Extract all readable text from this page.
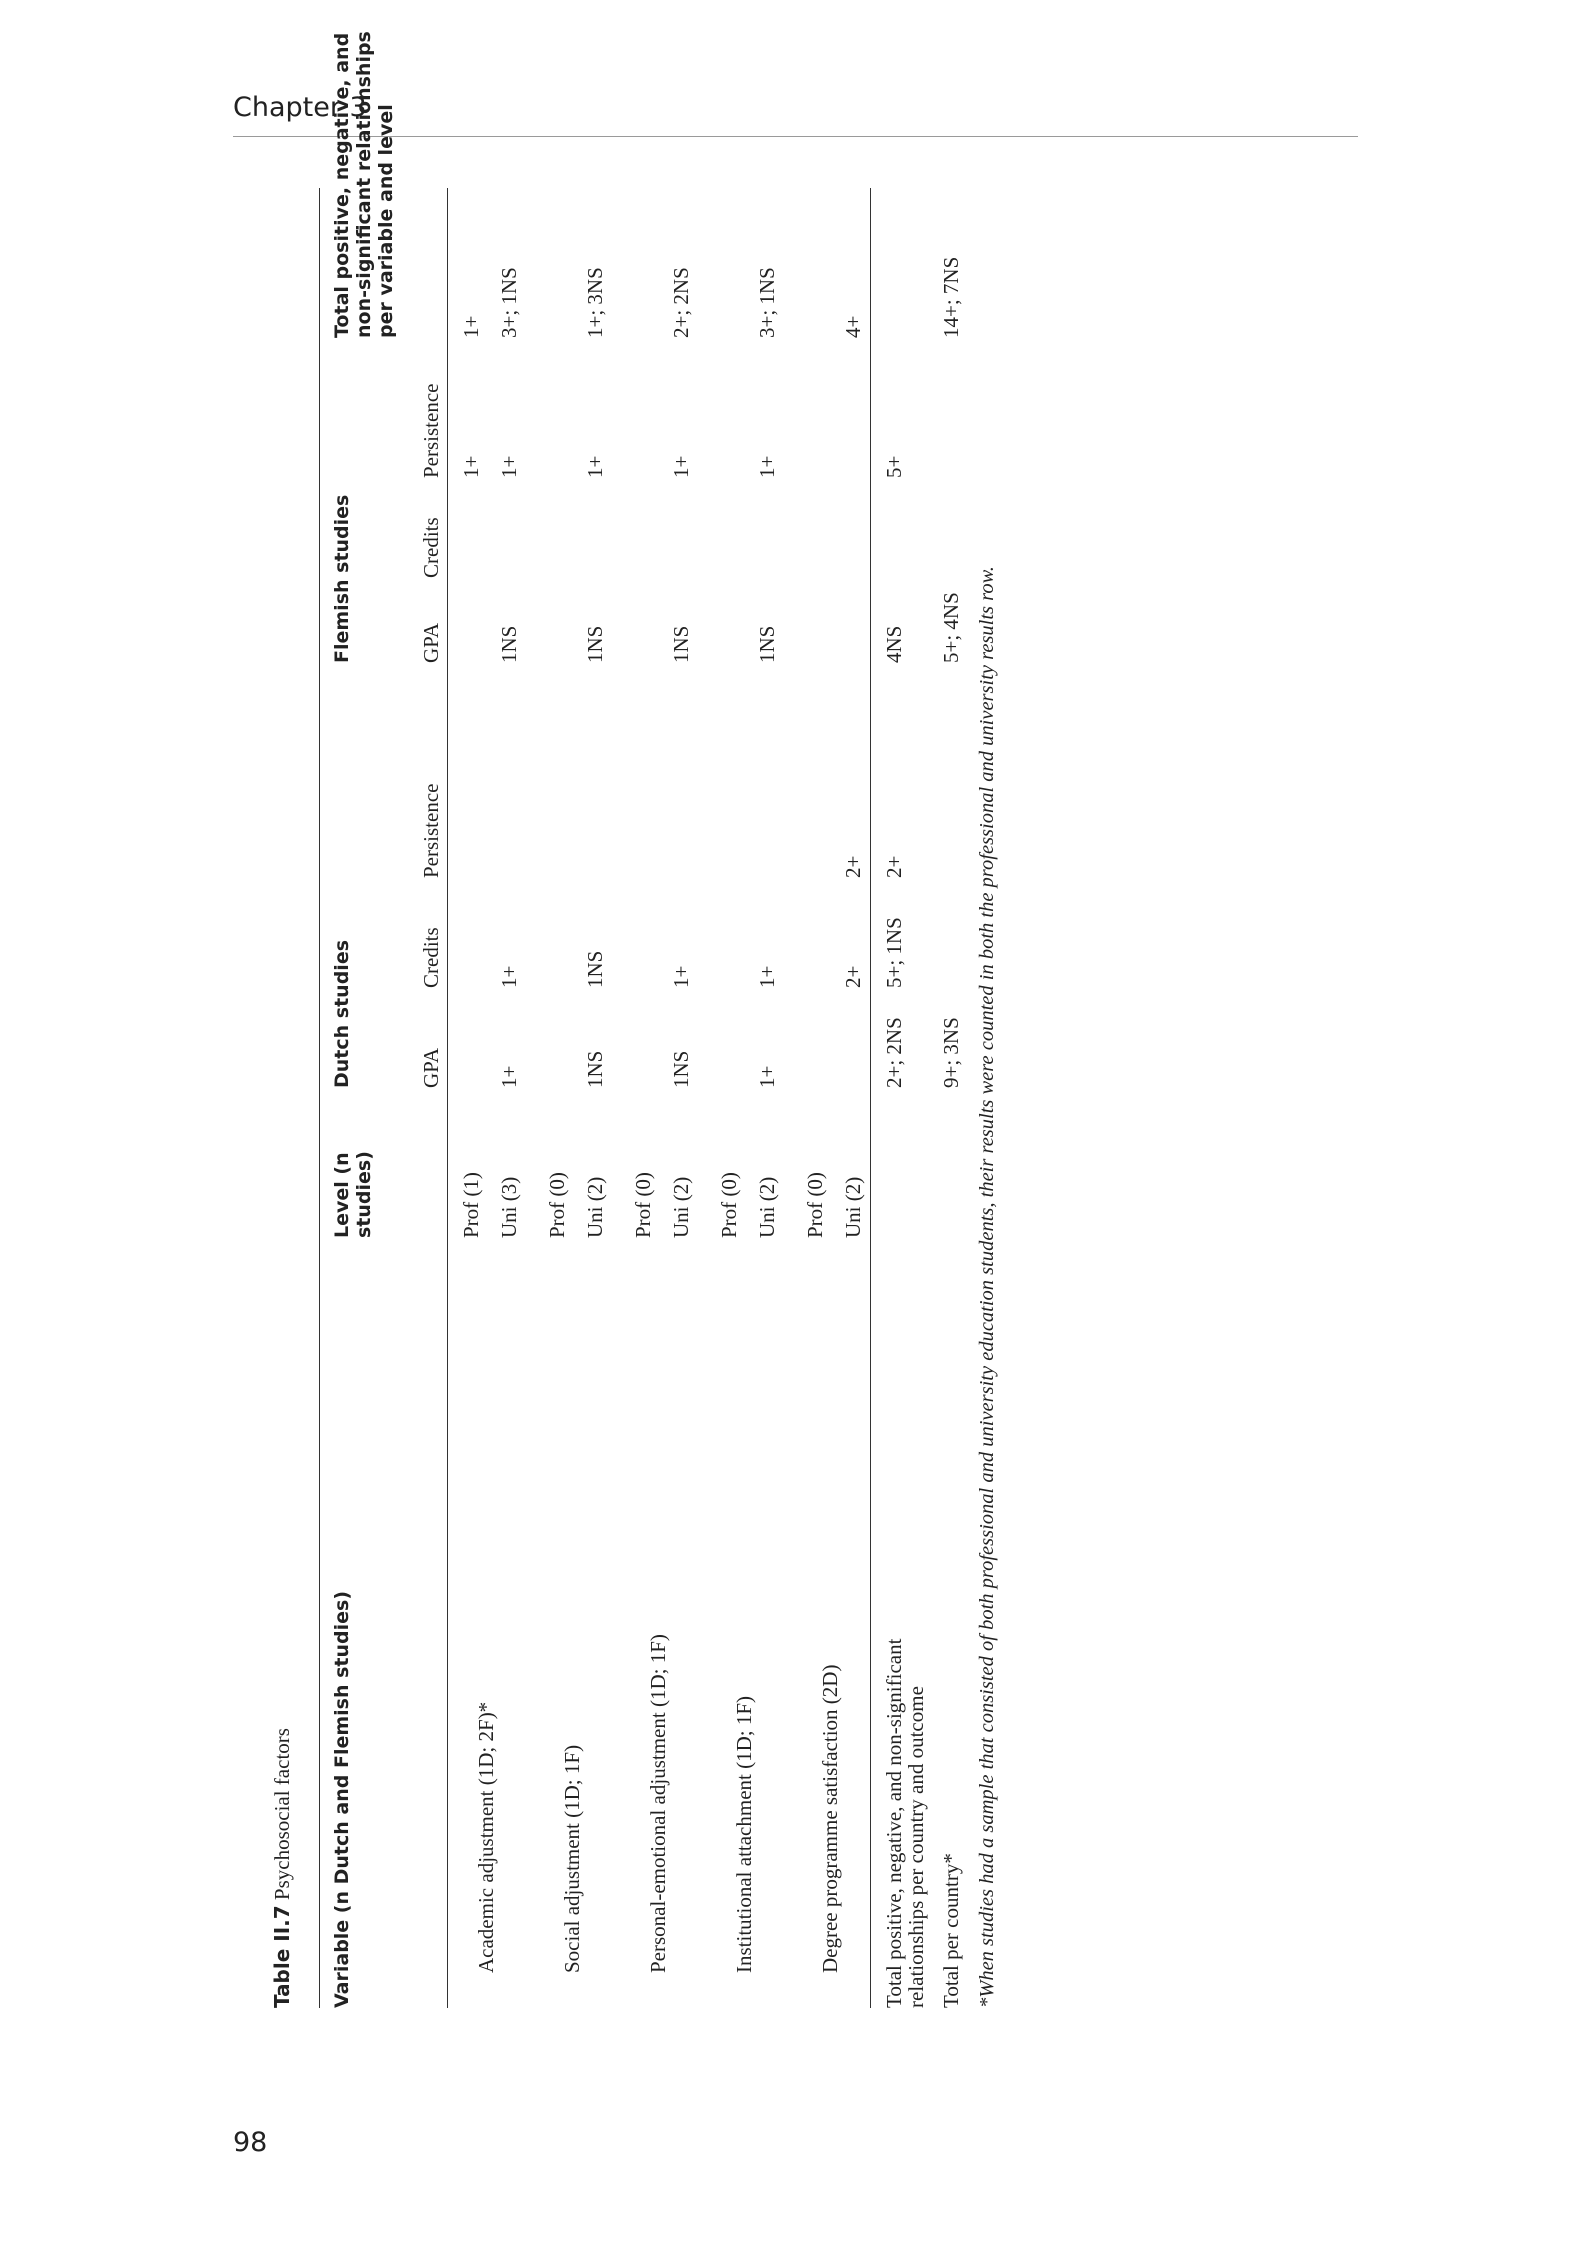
Chapter 3
98
Table II.7 Psychosocial factors Variable (n Dutch and Flemish studies)
Level (n studies)
Dutch studies
Flemish studies
Total positive, negative, and non-significant relationships per variable and level
GPA
GPA
Credits
Credits
Persistence
Persistence
Academic adjustment (1D; 2F)*
Prof (1)
1+
1+
Uni (3)
1+
1+
1NS
1+
3+; 1NS
Social adjustment (1D; 1F)
Prof (0) Uni (2)
1NS
1NS
1NS
1+
1+; 3NS
Personal-emotional adjustment (1D; 1F)
Prof (0) Uni (2)
1NS
1+
1NS
1+
2+; 2NS
Institutional attachment (1D; 1F)
Prof (0) Uni (2)
1+
1+
1NS
1+
3+; 1NS
Degree programme satisfaction (2D)
Prof (0) Uni (2)
2+
2+
4+
Total positive, negative, and non-significant
relationships per country and outcome
2+; 2NS
5+; 1NS
2+
4NS
5+
Total per country*
9+; 3NS
5+; 4NS
14+; 7NS
*When studies had a sample that consisted of both professional and university education students, their results were counted in both the professional and university results row.
